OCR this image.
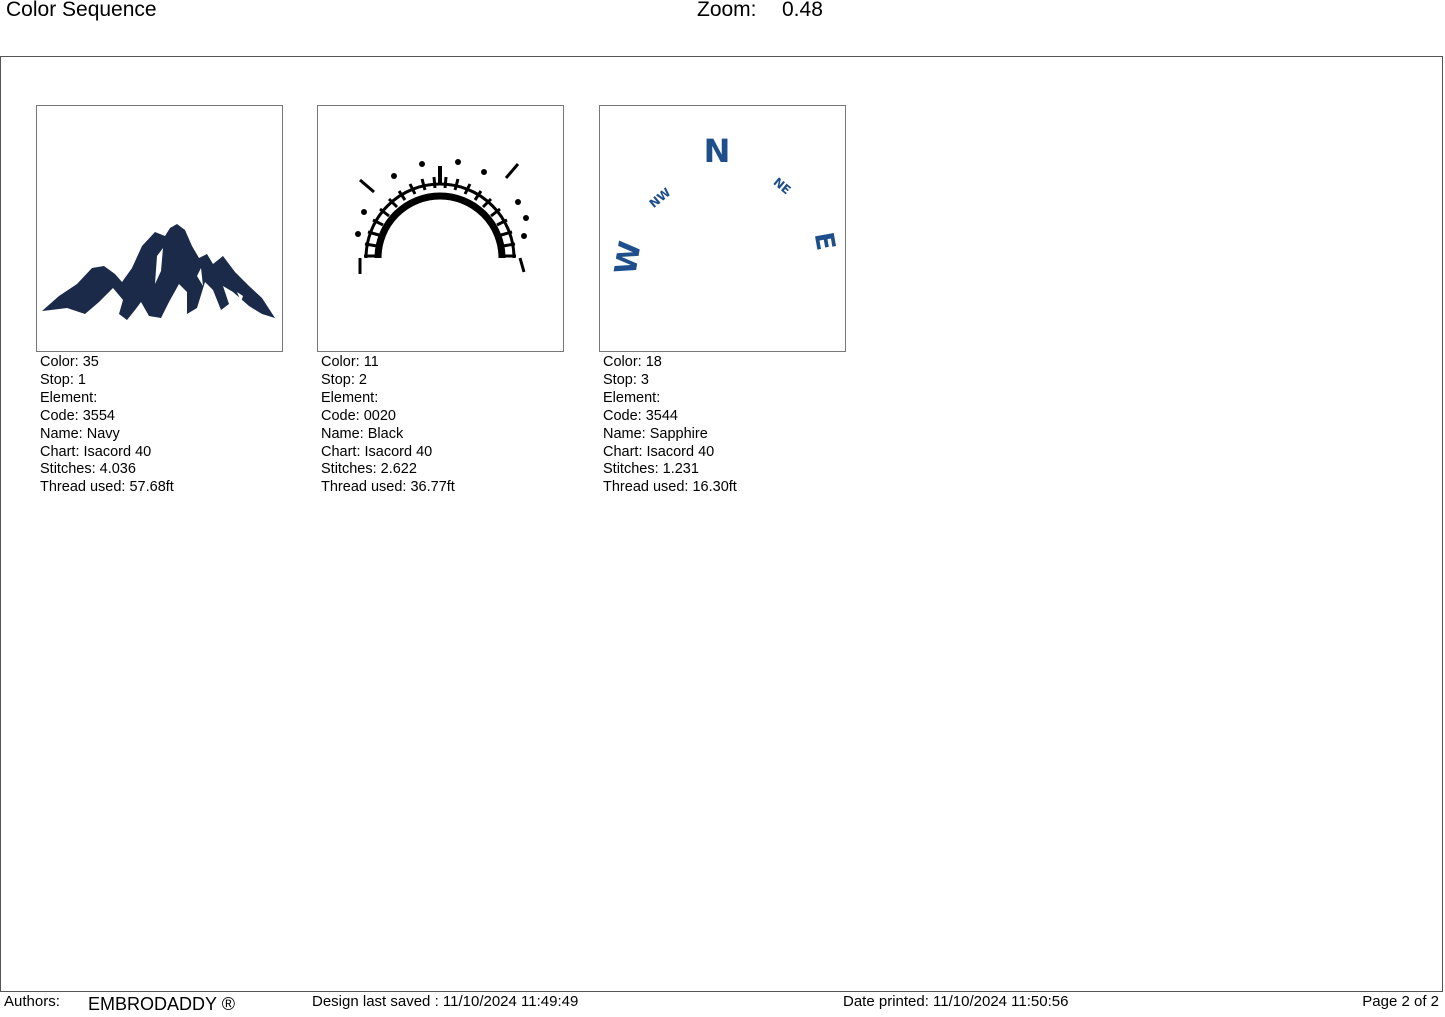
Color Sequence	Zoom: 0.48
Color: 35
Stop: 1
Element:
Code: 3554
Name: Navy
Chart: Isacord 40
Stitches: 4.036
Thread used: 57.68ft
Color: 11
Stop: 2
Element:
Code: 0020
Name: Black
Chart: Isacord 40
Stitches: 2.622
Thread used: 36.77ft
N
NW	NE
W	E
Color: 18
Stop: 3
Element:
Code: 3544
Name: Sapphire
Chart: Isacord 40
Stitches: 1.231
Thread used: 16.30ft
Authors: EMBRODADDY ®	Design last saved : 11/10/2024 11:49:49	Date printed: 11/10/2024 11:50:56	Page 2 of 2
